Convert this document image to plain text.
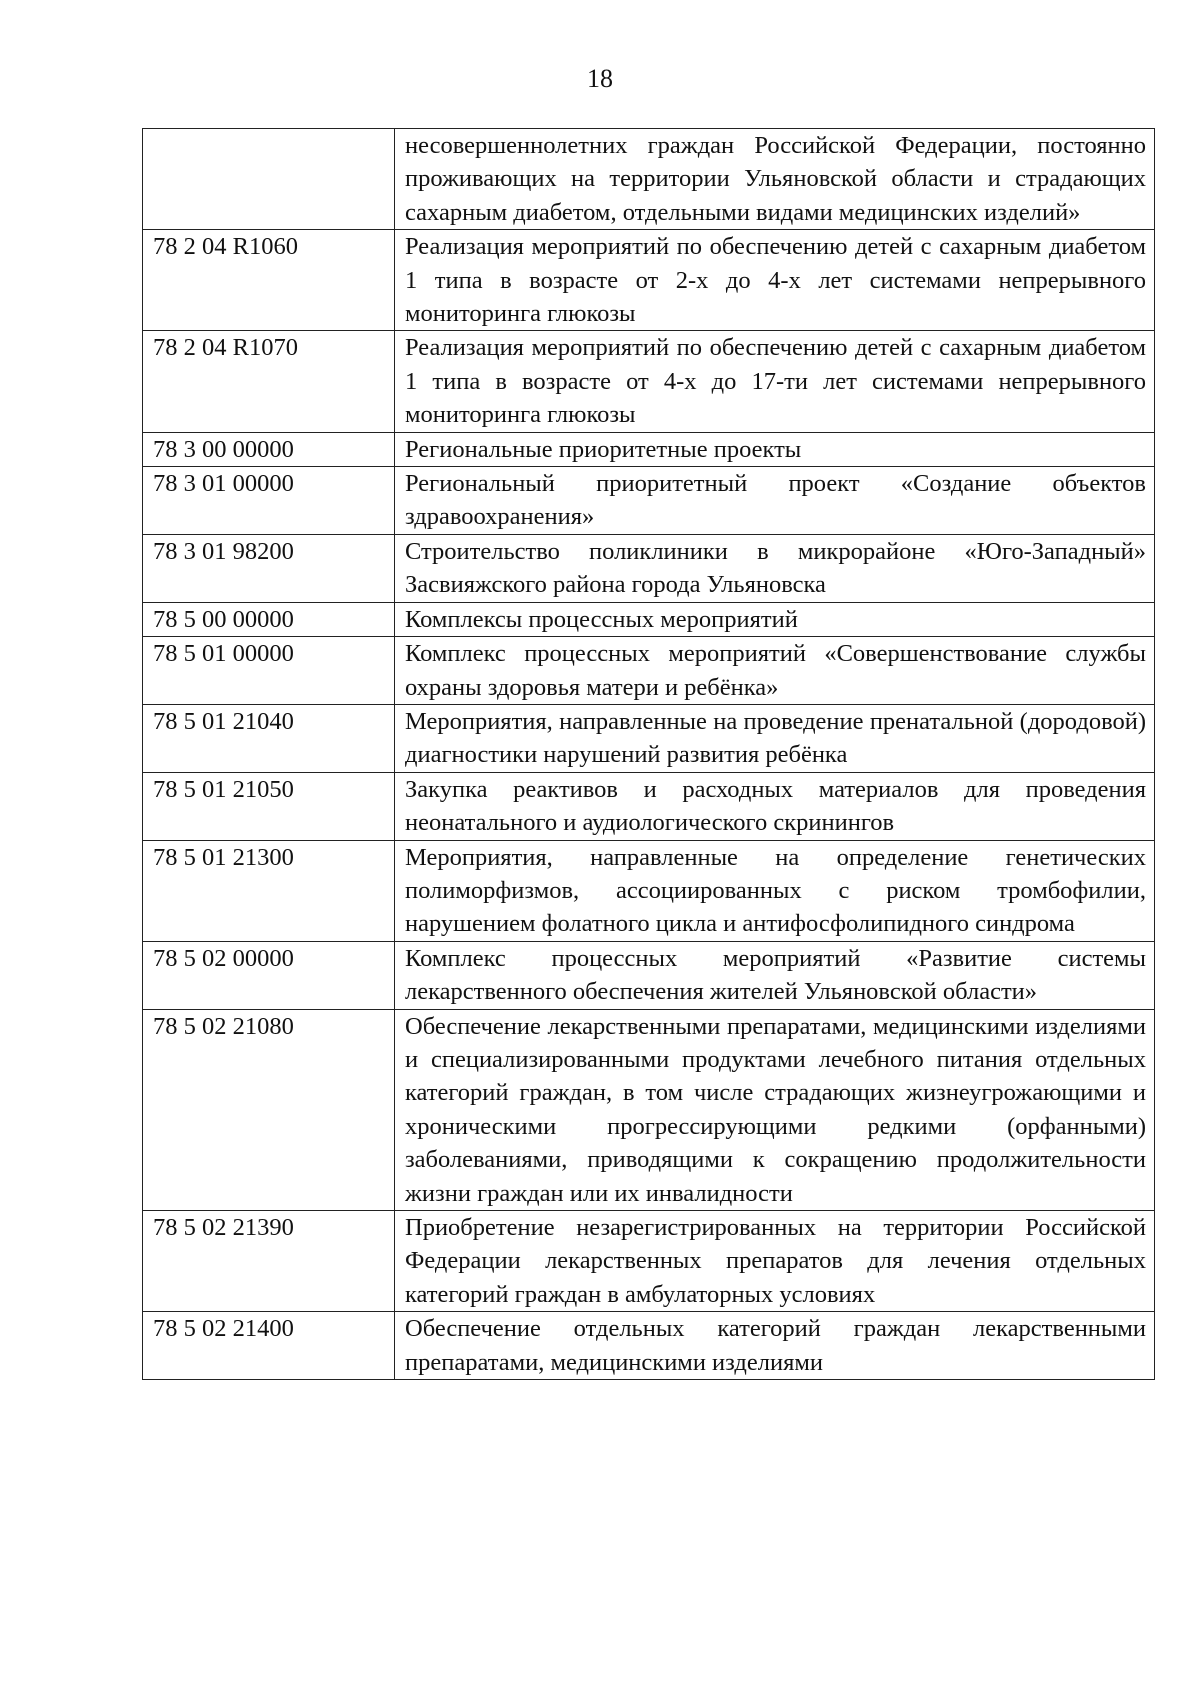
18
	несовершеннолетних граждан Российской Федерации, постоянно проживающих на территории Ульяновской области и страдающих сахарным диабетом, отдельными видами медицинских изделий»
78 2 04 R1060	Реализация мероприятий по обеспечению детей с сахарным диабетом 1 типа в возрасте от 2-х до 4-х лет системами непрерывного мониторинга глюкозы
78 2 04 R1070	Реализация мероприятий по обеспечению детей с сахарным диабетом 1 типа в возрасте от 4-х до 17-ти лет системами непрерывного мониторинга глюкозы
78 3 00 00000	Региональные приоритетные проекты
78 3 01 00000	Региональный приоритетный проект «Создание объектов здравоохранения»
78 3 01 98200	Строительство поликлиники в микрорайоне «Юго-Западный» Засвияжского района города Ульяновска
78 5 00 00000	Комплексы процессных мероприятий
78 5 01 00000	Комплекс процессных мероприятий «Совершенствование службы охраны здоровья матери и ребёнка»
78 5 01 21040	Мероприятия, направленные на проведение пренатальной (дородовой) диагностики нарушений развития ребёнка
78 5 01 21050	Закупка реактивов и расходных материалов для проведения неонатального и аудиологического скринингов
78 5 01 21300	Мероприятия, направленные на определение генетических полиморфизмов, ассоциированных с риском тромбофилии, нарушением фолатного цикла и антифосфолипидного синдрома
78 5 02 00000	Комплекс процессных мероприятий «Развитие системы лекарственного обеспечения жителей Ульяновской области»
78 5 02 21080	Обеспечение лекарственными препаратами, медицинскими изделиями и специализированными продуктами лечебного питания отдельных категорий граждан, в том числе страдающих жизнеугрожающими и хроническими прогрессирующими редкими (орфанными) заболеваниями, приводящими к сокращению продолжительности жизни граждан или их инвалидности
78 5 02 21390	Приобретение незарегистрированных на территории Российской Федерации лекарственных препаратов для лечения отдельных категорий граждан в амбулаторных условиях
78 5 02 21400	Обеспечение отдельных категорий граждан лекарственными препаратами, медицинскими изделиями
